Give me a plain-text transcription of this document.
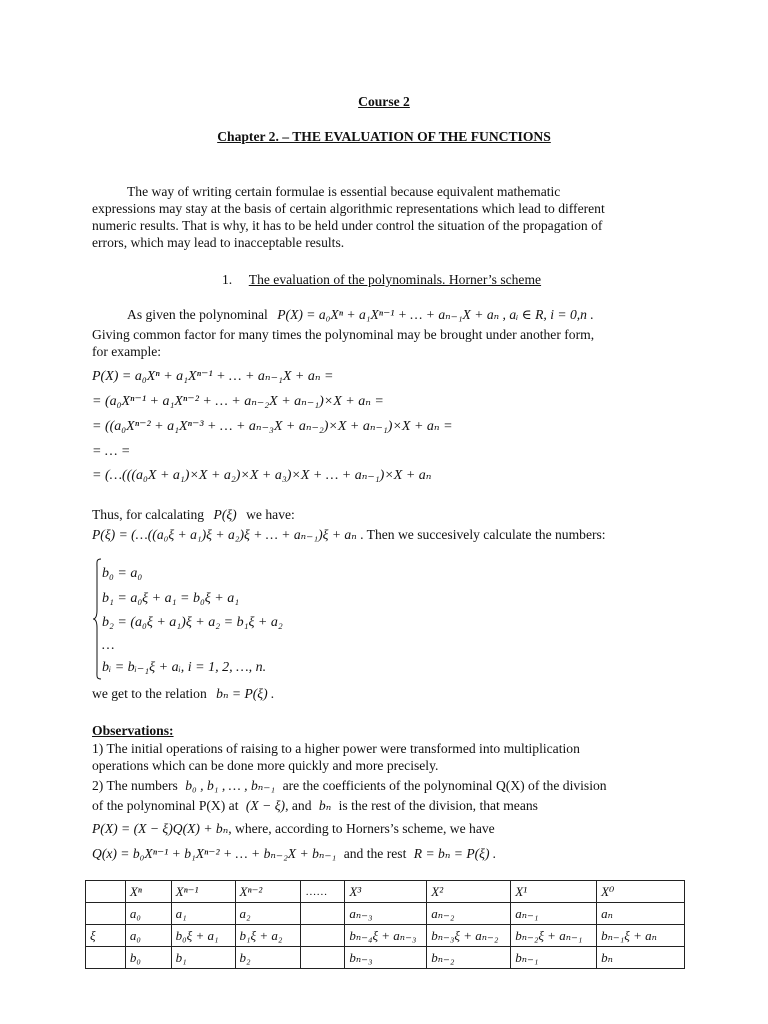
Course 2
Chapter 2. – THE EVALUATION OF THE FUNCTIONS
The way of writing certain formulae is essential because equivalent mathematic
expressions may stay at the basis of certain algorithmic representations which lead to different
numeric results. That is why, it has to be held under control the situation of the propagation of
errors, which may lead to inacceptable results.
1. The evaluation of the polynominals. Horner’s scheme
As given the polynominal P(X) = a₀Xⁿ + a₁Xⁿ⁻¹ + … + aₙ₋₁X + aₙ , aᵢ ∈ R, i = 0,n .
Giving common factor for many times the polynominal may be brought under another form,
for example:
P(X) = a₀Xⁿ + a₁Xⁿ⁻¹ + … + aₙ₋₁X + aₙ =
= (a₀Xⁿ⁻¹ + a₁Xⁿ⁻² + … + aₙ₋₂X + aₙ₋₁)×X + aₙ =
= ((a₀Xⁿ⁻² + a₁Xⁿ⁻³ + … + aₙ₋₃X + aₙ₋₂)×X + aₙ₋₁)×X + aₙ =
= … =
= (…(((a₀X + a₁)×X + a₂)×X + a₃)×X + … + aₙ₋₁)×X + aₙ
Thus, for calcalating P(ξ) we have:
P(ξ) = (…((a₀ξ + a₁)ξ + a₂)ξ + … + aₙ₋₁)ξ + aₙ . Then we succesively calculate the numbers:
b₀ = a₀
b₁ = a₀ξ + a₁ = b₀ξ + a₁
b₂ = (a₀ξ + a₁)ξ + a₂ = b₁ξ + a₂
…
bᵢ = bᵢ₋₁ξ + aᵢ, i = 1, 2, …, n.
we get to the relation bₙ = P(ξ) .
Observations:
1) The initial operations of raising to a higher power were transformed into multiplication
operations which can be done more quickly and more precisely.
2) The numbers b₀ , b₁ , … , bₙ₋₁ are the coefficients of the polynominal Q(X) of the division
of the polynominal P(X) at (X − ξ), and bₙ is the rest of the division, that means
P(X) = (X − ξ)Q(X) + bₙ, where, according to Horners’s scheme, we have
Q(x) = b₀Xⁿ⁻¹ + b₁Xⁿ⁻² + … + bₙ₋₂X + bₙ₋₁ and the rest R = bₙ = P(ξ) .
	Xⁿ	Xⁿ⁻¹	Xⁿ⁻²	……	X³	X²	X¹	X⁰
	a₀	a₁	a₂		aₙ₋₃	aₙ₋₂	aₙ₋₁	aₙ
ξ	a₀	b₀ξ + a₁	b₁ξ + a₂		bₙ₋₄ξ + aₙ₋₃	bₙ₋₃ξ + aₙ₋₂	bₙ₋₂ξ + aₙ₋₁	bₙ₋₁ξ + aₙ
	b₀	b₁	b₂		bₙ₋₃	bₙ₋₂	bₙ₋₁	bₙ
